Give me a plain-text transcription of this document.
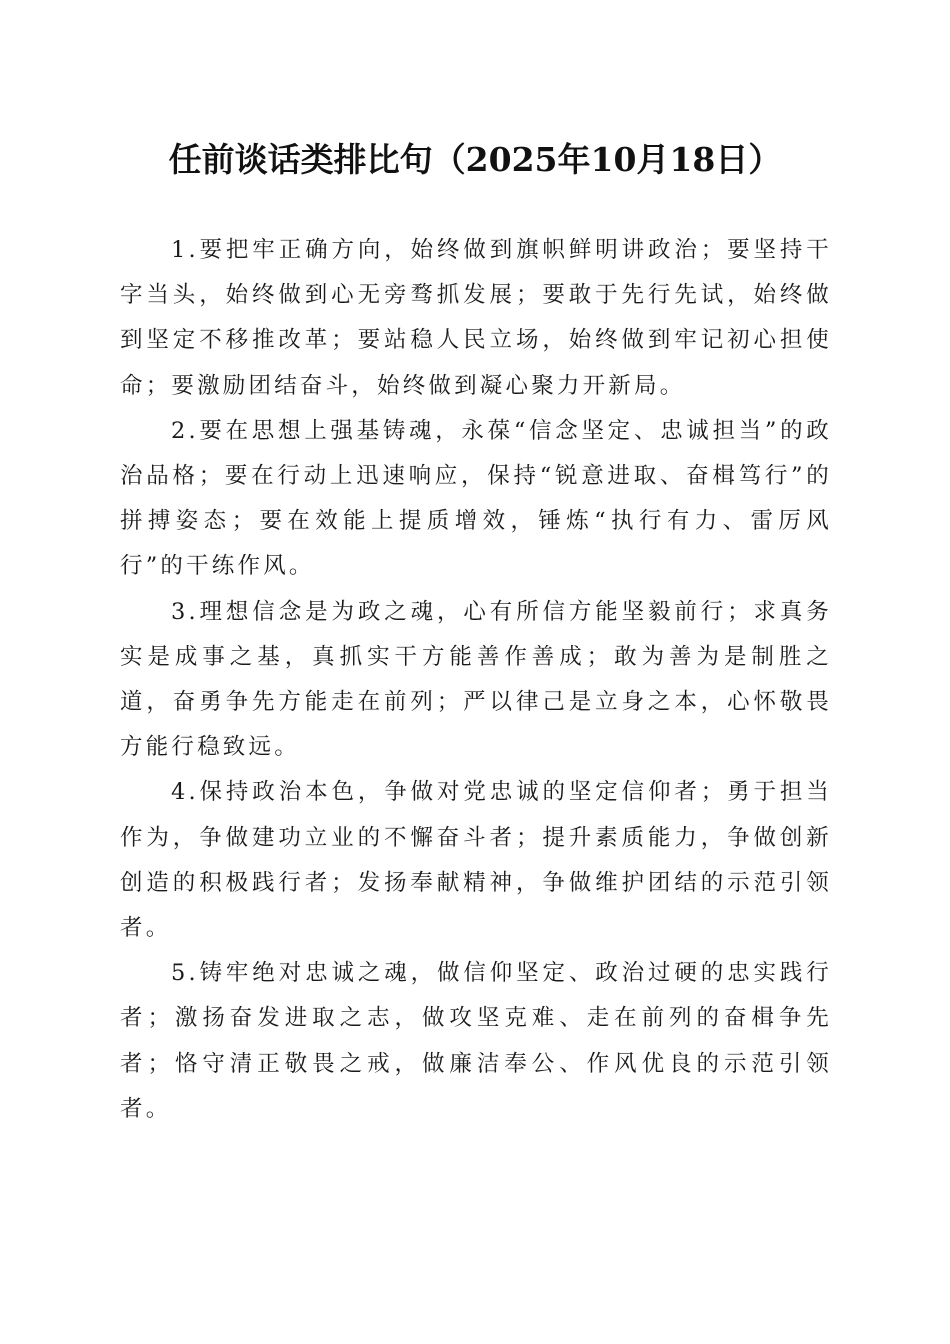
任前谈话类排比句（2025年10月18日）

1.要把牢正确方向，始终做到旗帜鲜明讲政治；要坚持干字当头，始终做到心无旁骛抓发展；要敢于先行先试，始终做到坚定不移推改革；要站稳人民立场，始终做到牢记初心担使命；要激励团结奋斗，始终做到凝心聚力开新局。

2.要在思想上强基铸魂，永葆“信念坚定、忠诚担当”的政治品格；要在行动上迅速响应，保持“锐意进取、奋楫笃行”的拼搏姿态；要在效能上提质增效，锤炼“执行有力、雷厉风行”的干练作风。

3.理想信念是为政之魂，心有所信方能坚毅前行；求真务实是成事之基，真抓实干方能善作善成；敢为善为是制胜之道，奋勇争先方能走在前列；严以律己是立身之本，心怀敬畏方能行稳致远。

4.保持政治本色，争做对党忠诚的坚定信仰者；勇于担当作为，争做建功立业的不懈奋斗者；提升素质能力，争做创新创造的积极践行者；发扬奉献精神，争做维护团结的示范引领者。

5.铸牢绝对忠诚之魂，做信仰坚定、政治过硬的忠实践行者；激扬奋发进取之志，做攻坚克难、走在前列的奋楫争先者；恪守清正敬畏之戒，做廉洁奉公、作风优良的示范引领者。
